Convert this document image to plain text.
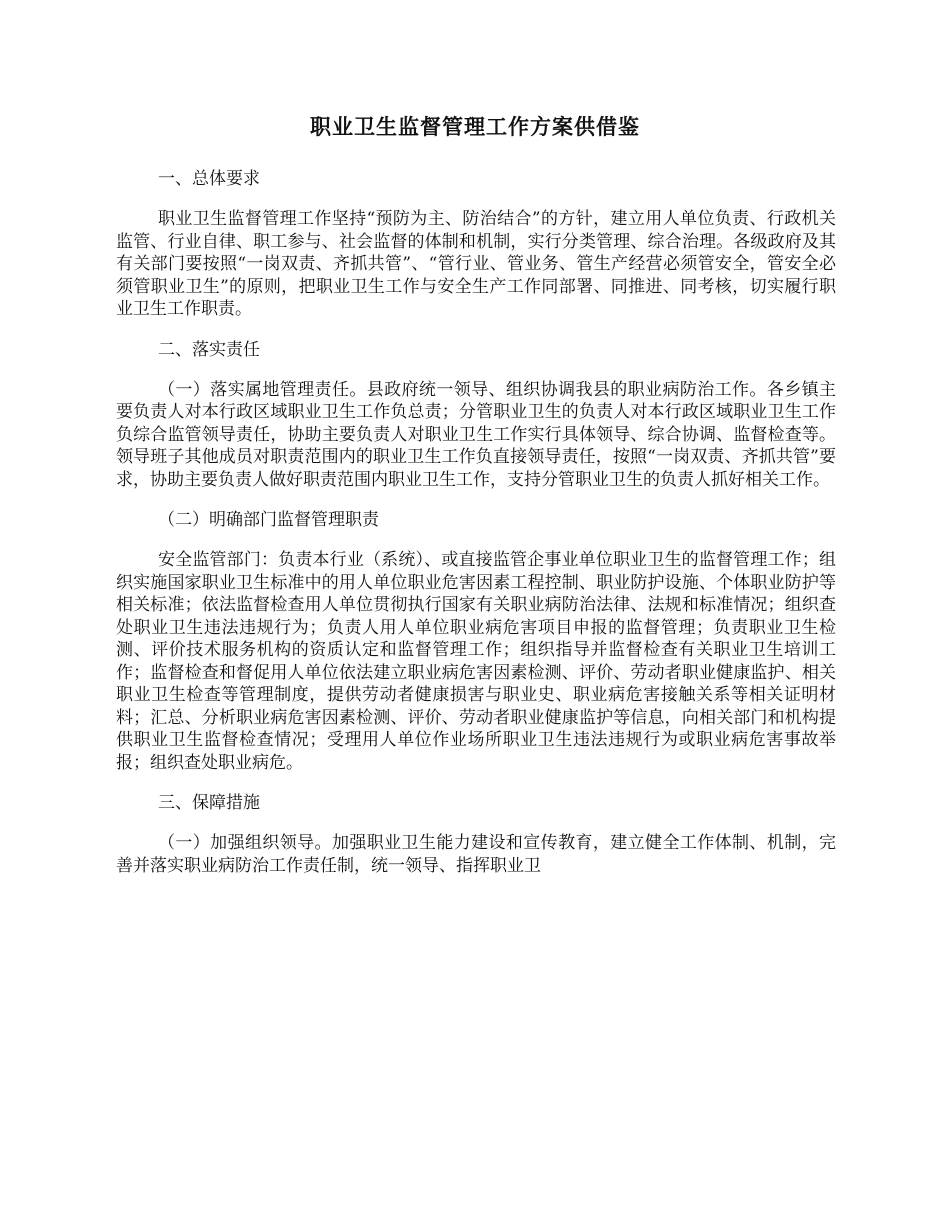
职业卫生监督管理工作方案供借鉴

一、总体要求

职业卫生监督管理工作坚持“预防为主、防治结合”的方针，建立用人单位负责、行政机关监管、行业自律、职工参与、社会监督的体制和机制，实行分类管理、综合治理。各级政府及其有关部门要按照“一岗双责、齐抓共管”、“管行业、管业务、管生产经营必须管安全，管安全必须管职业卫生”的原则，把职业卫生工作与安全生产工作同部署、同推进、同考核，切实履行职业卫生工作职责。

二、落实责任

（一）落实属地管理责任。县政府统一领导、组织协调我县的职业病防治工作。各乡镇主要负责人对本行政区域职业卫生工作负总责；分管职业卫生的负责人对本行政区域职业卫生工作负综合监管领导责任，协助主要负责人对职业卫生工作实行具体领导、综合协调、监督检查等。领导班子其他成员对职责范围内的职业卫生工作负直接领导责任，按照“一岗双责、齐抓共管”要求，协助主要负责人做好职责范围内职业卫生工作，支持分管职业卫生的负责人抓好相关工作。

（二）明确部门监督管理职责

安全监管部门：负责本行业（系统）、或直接监管企事业单位职业卫生的监督管理工作；组织实施国家职业卫生标准中的用人单位职业危害因素工程控制、职业防护设施、个体职业防护等相关标准；依法监督检查用人单位贯彻执行国家有关职业病防治法律、法规和标准情况；组织查处职业卫生违法违规行为；负责人用人单位职业病危害项目申报的监督管理；负责职业卫生检测、评价技术服务机构的资质认定和监督管理工作；组织指导并监督检查有关职业卫生培训工作；监督检查和督促用人单位依法建立职业病危害因素检测、评价、劳动者职业健康监护、相关职业卫生检查等管理制度，提供劳动者健康损害与职业史、职业病危害接触关系等相关证明材料；汇总、分析职业病危害因素检测、评价、劳动者职业健康监护等信息，向相关部门和机构提供职业卫生监督检查情况；受理用人单位作业场所职业卫生违法违规行为或职业病危害事故举报；组织查处职业病危。

三、保障措施

（一）加强组织领导。加强职业卫生能力建设和宣传教育，建立健全工作体制、机制，完善并落实职业病防治工作责任制，统一领导、指挥职业卫
